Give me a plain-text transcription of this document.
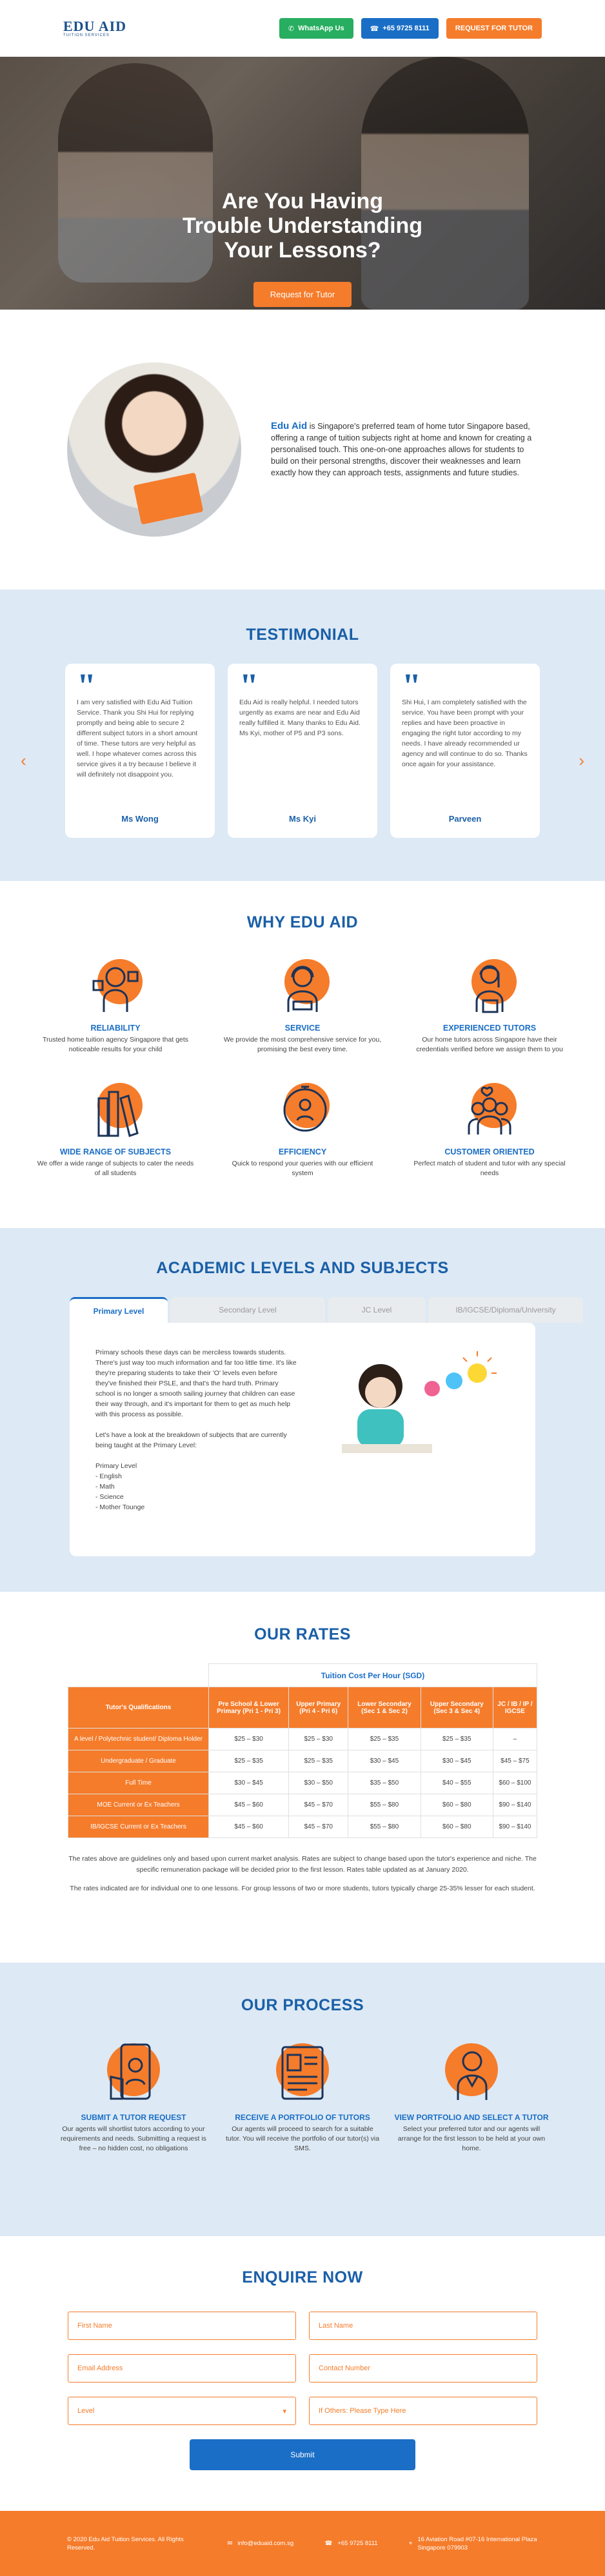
EDU AID
TUITION SERVICES
✆ WhatsApp Us	☎ +65 9725 8111	REQUEST FOR TUTOR
Are You Having Trouble Understanding Your Lessons?
Request for Tutor
Edu Aid is Singapore's preferred team of home tutor Singapore based, offering a range of tuition subjects right at home and known for creating a personalised touch. This one-on-one approaches allows for students to build on their personal strengths, discover their weaknesses and learn exactly how they can approach tests, assignments and future studies.
TESTIMONIAL
‹	›
"

I am very satisfied with Edu Aid Tuition Service. Thank you Shi Hui for replying promptly and being able to secure 2 different subject tutors in a short amount of time. These tutors are very helpful as well. I hope whatever comes across this service gives it a try because I believe it will definitely not disappoint you.

Ms Wong
"

Edu Aid is really helpful. I needed tutors urgently as exams are near and Edu Aid really fulfilled it. Many thanks to Edu Aid. Ms Kyi, mother of P5 and P3 sons.

Ms Kyi
"

Shi Hui, I am completely satisfied with the service. You have been prompt with your replies and have been proactive in engaging the right tutor according to my needs. I have already recommended ur agency and will continue to do so. Thanks once again for your assistance.

Parveen
WHY EDU AID
RELIABILITY

Trusted home tuition agency Singapore that gets noticeable results for your child

SERVICE

We provide the most comprehensive service for you, promising the best every time.

EXPERIENCED TUTORS

Our home tutors across Singapore have their credentials verified before we assign them to you

WIDE RANGE OF SUBJECTS

We offer a wide range of subjects to cater the needs of all students

EFFICIENCY

Quick to respond your queries with our efficient system

CUSTOMER ORIENTED

Perfect match of student and tutor with any special needs

ACADEMIC LEVELS AND SUBJECTS
Primary Level	Secondary Level	JC Level	IB/IGCSE/Diploma/University

Primary schools these days can be merciless towards students. There's just way too much information and far too little time. It's like they're preparing students to take their 'O' levels even before they've finished their PSLE, and that's the hard truth. Primary school is no longer a smooth sailing journey that children can ease their way through, and it's important for them to get as much help with this process as possible.

Let's have a look at the breakdown of subjects that are currently being taught at the Primary Level:

Primary Level

- English

- Math

- Science

- Mother Tounge

OUR RATES
	Tuition Cost Per Hour (SGD)				
Tutor's Qualifications	Pre School & Lower Primary (Pri 1 - Pri 3)	Upper Primary (Pri 4 - Pri 6)	Lower Secondary (Sec 1 & Sec 2)	Upper Secondary (Sec 3 & Sec 4)	JC / IB / IP / IGCSE
A level / Polytechnic student/ Diploma Holder	$25 – $30	$25 – $30	$25 – $35	$25 – $35	–
Undergraduate / Graduate	$25 – $35	$25 – $35	$30 – $45	$30 – $45	$45 – $75
Full Time	$30 – $45	$30 – $50	$35 – $50	$40 – $55	$60 – $100
MOE Current or Ex Teachers	$45 – $60	$45 – $70	$55 – $80	$60 – $80	$90 – $140
IB/IGCSE Current or Ex Teachers	$45 – $60	$45 – $70	$55 – $80	$60 – $80	$90 – $140

The rates above are guidelines only and based upon current market analysis. Rates are subject to change based upon the tutor's experience and niche. The specific remuneration package will be decided prior to the first lesson. Rates table updated as at January 2020.

The rates indicated are for individual one to one lessons. For group lessons of two or more students, tutors typically charge 25-35% lesser for each student.

OUR PROCESS
SUBMIT A TUTOR REQUEST

Our agents will shortlist tutors according to your requirements and needs. Submitting a request is free – no hidden cost, no obligations

RECEIVE A PORTFOLIO OF TUTORS

Our agents will proceed to search for a suitable tutor. You will receive the portfolio of our tutor(s) via SMS.

VIEW PORTFOLIO AND SELECT A TUTOR

Select your preferred tutor and our agents will arrange for the first lesson to be held at your own home.

ENQUIRE NOW
First Name	Last Name
Email Address	Contact Number
Level	▾	If Others: Please Type Here
Submit
© 2020 Edu Aid Tuition Services. All Rights Reserved.
✉ info@eduaid.com.sg	☎ +65 9725 8111	⌖
16 Aviation Road #07-16 International Plaza Singapore 079903
